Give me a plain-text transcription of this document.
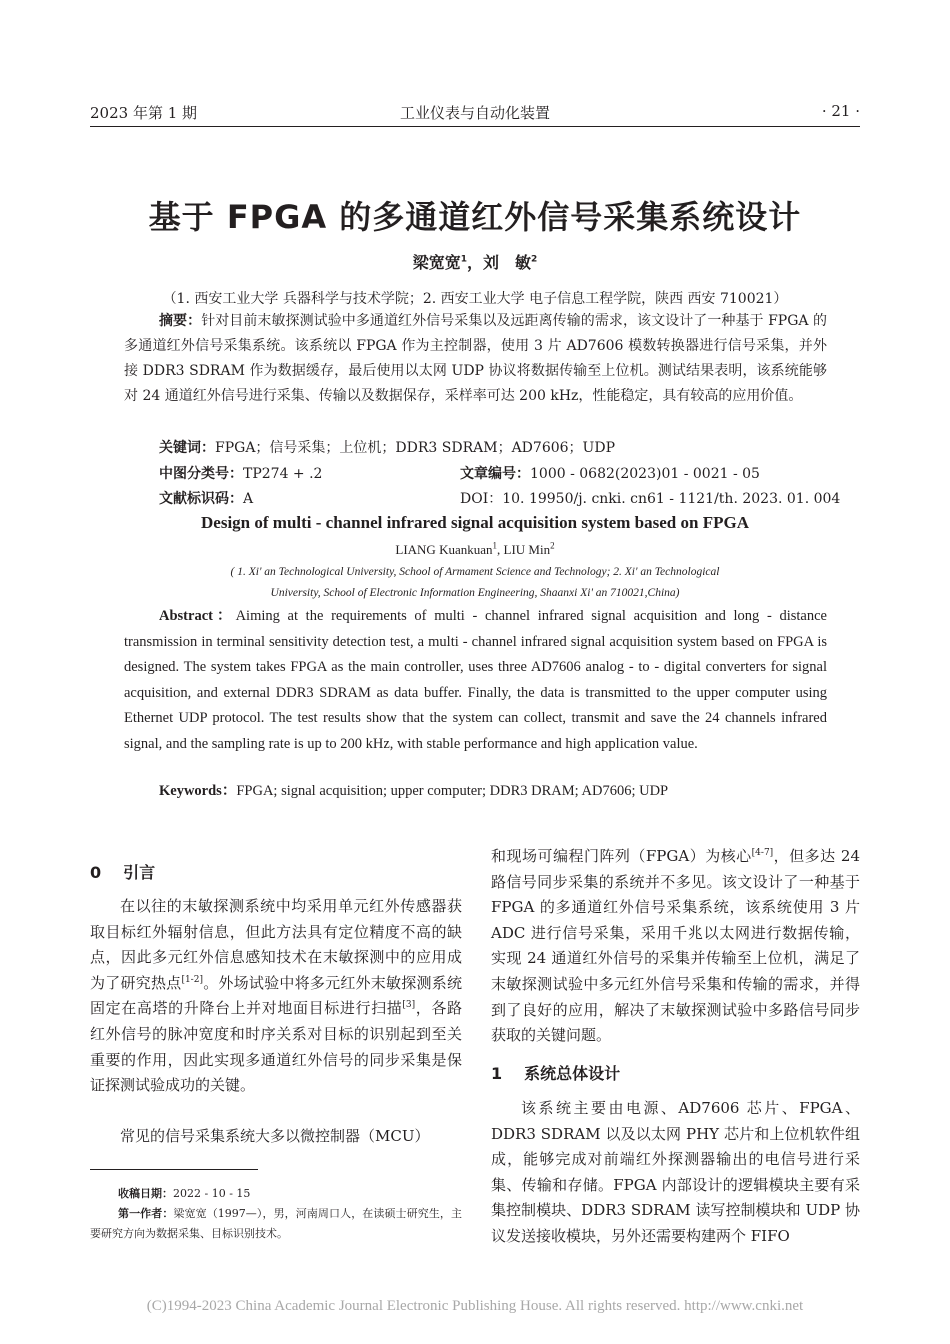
2023 年第 1 期	工业仪表与自动化装置	· 21 ·
基于 FPGA 的多通道红外信号采集系统设计
梁宽宽$^1$，刘　敏$^2$
（1. 西安工业大学 兵器科学与技术学院；2. 西安工业大学 电子信息工程学院，陕西 西安 710021）
摘要：针对目前末敏探测试验中多通道红外信号采集以及远距离传输的需求，该文设计了一种基于 FPGA 的多通道红外信号采集系统。该系统以 FPGA 作为主控制器，使用 3 片 AD7606 模数转换器进行信号采集，并外接 DDR3 SDRAM 作为数据缓存，最后使用以太网 UDP 协议将数据传输至上位机。测试结果表明，该系统能够对 24 通道红外信号进行采集、传输以及数据保存，采样率可达 200 kHz，性能稳定，具有较高的应用价值。
关键词：FPGA；信号采集；上位机；DDR3 SDRAM；AD7606；UDP
中图分类号：TP274 + .2	文章编号：1000 - 0682(2023)01 - 0021 - 05
文献标识码：A	DOI：10. 19950/j. cnki. cn61 - 1121/th. 2023. 01. 004
Design of multi - channel infrared signal acquisition system based on FPGA
LIANG Kuankuan$^1$, LIU Min$^2$
( 1. Xi' an Technological University, School of Armament Science and Technology; 2. Xi' an Technological
University, School of Electronic Information Engineering, Shaanxi Xi' an 710021,China)
Abstract：Aiming at the requirements of multi - channel infrared signal acquisition and long - distance transmission in terminal sensitivity detection test, a multi - channel infrared signal acquisition system based on FPGA is designed. The system takes FPGA as the main controller, uses three AD7606 analog - to - digital converters for signal acquisition, and external DDR3 SDRAM as data buffer. Finally, the data is transmitted to the upper computer using Ethernet UDP protocol. The test results show that the system can collect, transmit and save the 24 channels infrared signal, and the sampling rate is up to 200 kHz, with stable performance and high application value.
Keywords：FPGA; signal acquisition; upper computer; DDR3 DRAM; AD7606; UDP
0 引言
在以往的末敏探测系统中均采用单元红外传感器获取目标红外辐射信息，但此方法具有定位精度不高的缺点，因此多元红外信息感知技术在末敏探测中的应用成为了研究热点[1-2]。外场试验中将多元红外末敏探测系统固定在高塔的升降台上并对地面目标进行扫描[3]，各路红外信号的脉冲宽度和时序关系对目标的识别起到至关重要的作用，因此实现多通道红外信号的同步采集是保证探测试验成功的关键。
常见的信号采集系统大多以微控制器（MCU）
收稿日期：2022 - 10 - 15
第一作者：梁宽宽（1997—），男，河南周口人，在读硕士研究生，主要研究方向为数据采集、目标识别技术。
和现场可编程门阵列（FPGA）为核心[4-7]，但多达 24 路信号同步采集的系统并不多见。该文设计了一种基于 FPGA 的多通道红外信号采集系统，该系统使用 3 片 ADC 进行信号采集，采用千兆以太网进行数据传输，实现 24 通道红外信号的采集并传输至上位机，满足了末敏探测试验中多元红外信号采集和传输的需求，并得到了良好的应用，解决了末敏探测试验中多路信号同步获取的关键问题。
1 系统总体设计
该系统主要由电源、AD7606 芯片、FPGA、DDR3 SDRAM 以及以太网 PHY 芯片和上位机软件组成，能够完成对前端红外探测器输出的电信号进行采集、传输和存储。FPGA 内部设计的逻辑模块主要有采集控制模块、DDR3 SDRAM 读写控制模块和 UDP 协议发送接收模块，另外还需要构建两个 FIFO
(C)1994-2023 China Academic Journal Electronic Publishing House. All rights reserved. http://www.cnki.net
